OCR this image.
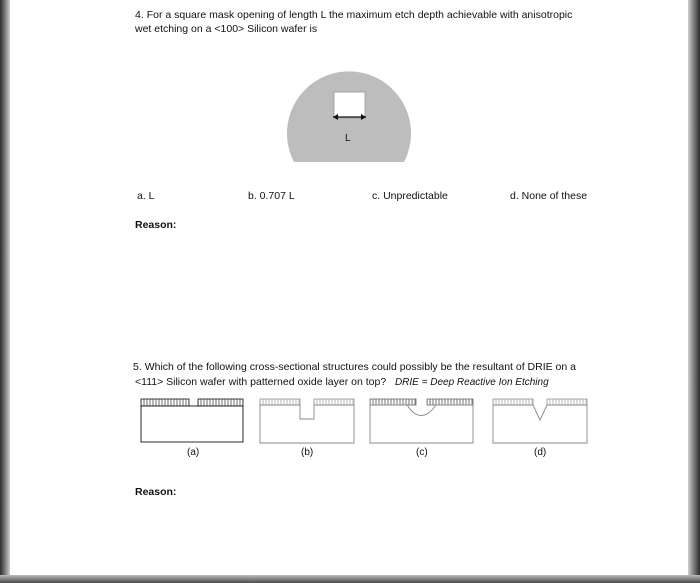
4. For a square mask opening of length L the maximum etch depth achievable with anisotropic
wet etching on a <100> Silicon wafer is
L
a. L	b. 0.707 L	c. Unpredictable	d. None of these
Reason:
5. Which of the following cross-sectional structures could possibly be the resultant of DRIE on a
<111> Silicon wafer with patterned oxide layer on top? DRIE = Deep Reactive Ion Etching
(a)	(b)	(c)	(d)
Reason:
